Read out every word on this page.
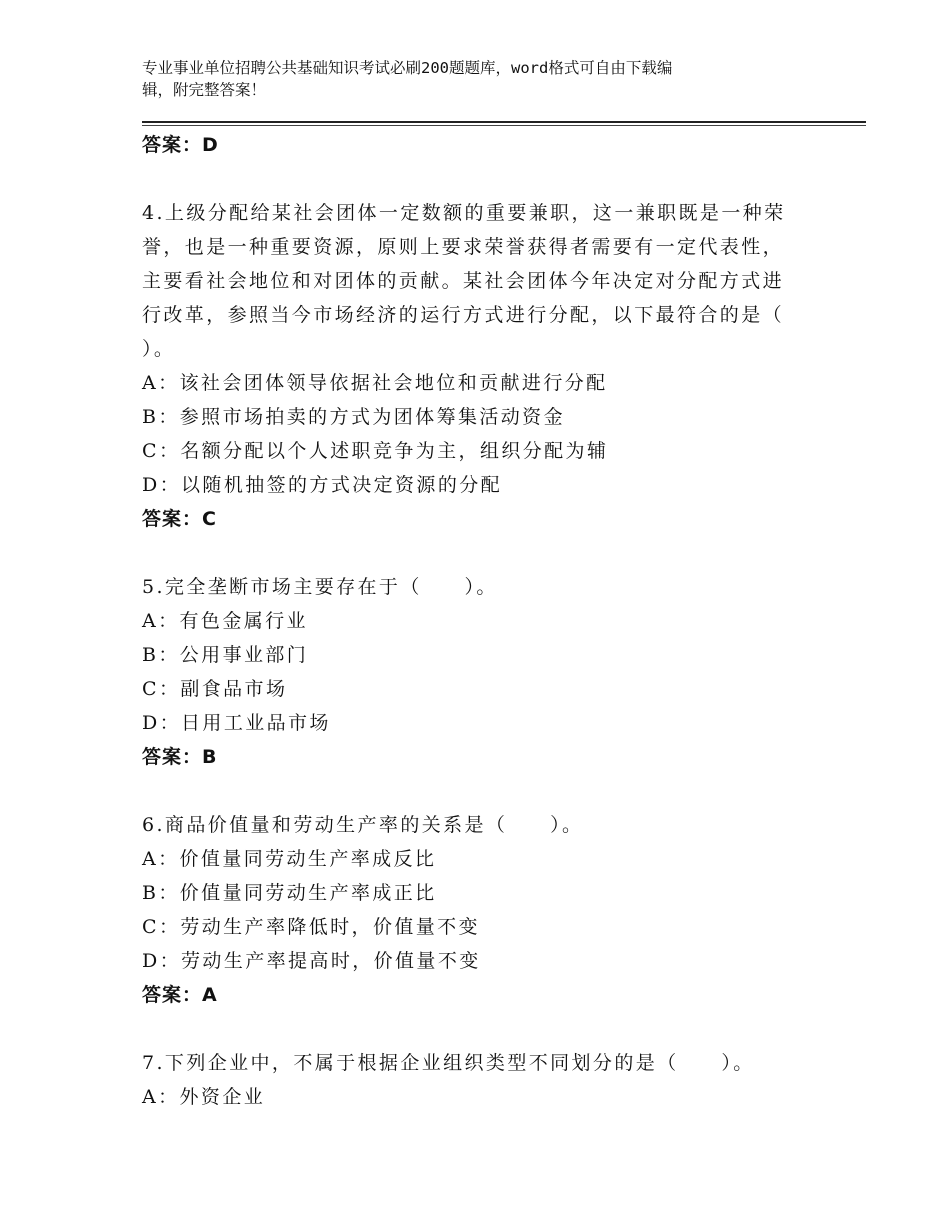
专业事业单位招聘公共基础知识考试必刷200题题库，word格式可自由下载编
辑，附完整答案！
答案：D
4.上级分配给某社会团体一定数额的重要兼职，这一兼职既是一种荣
誉，也是一种重要资源，原则上要求荣誉获得者需要有一定代表性，
主要看社会地位和对团体的贡献。某社会团体今年决定对分配方式进
行改革，参照当今市场经济的运行方式进行分配，以下最符合的是（
）。
A：该社会团体领导依据社会地位和贡献进行分配
B：参照市场拍卖的方式为团体筹集活动资金
C：名额分配以个人述职竞争为主，组织分配为辅
D：以随机抽签的方式决定资源的分配
答案：C
5.完全垄断市场主要存在于（　　）。
A：有色金属行业
B：公用事业部门
C：副食品市场
D：日用工业品市场
答案：B
6.商品价值量和劳动生产率的关系是（　　）。
A：价值量同劳动生产率成反比
B：价值量同劳动生产率成正比
C：劳动生产率降低时，价值量不变
D：劳动生产率提高时，价值量不变
答案：A
7.下列企业中，不属于根据企业组织类型不同划分的是（　　）。
A：外资企业
